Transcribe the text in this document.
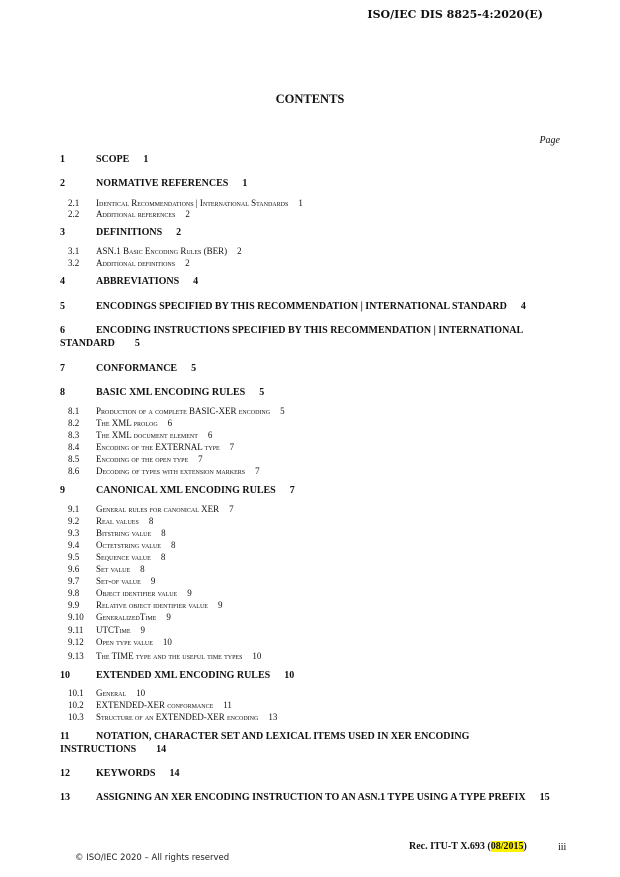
ISO/IEC DIS 8825-4:2020(E)
CONTENTS
Page
1	SCOPE 1
2	NORMATIVE REFERENCES 1
2.1 Identical Recommendations | International Standards 1
2.2 Additional references 2
3	DEFINITIONS 2
3.1 ASN.1 Basic Encoding Rules (BER) 2
3.2 Additional definitions 2
4	ABBREVIATIONS 4
5	ENCODINGS SPECIFIED BY THIS RECOMMENDATION | INTERNATIONAL STANDARD 4
6	ENCODING INSTRUCTIONS SPECIFIED BY THIS RECOMMENDATION | INTERNATIONAL
STANDARD 5
7	CONFORMANCE 5
8	BASIC XML ENCODING RULES 5
8.1 Production of a complete BASIC-XER encoding 5
8.2 The XML prolog 6
8.3 The XML document element 6
8.4 Encoding of the EXTERNAL type 7
8.5 Encoding of the open type 7
8.6 Decoding of types with extension markers 7
9	CANONICAL XML ENCODING RULES 7
9.1 General rules for canonical XER 7
9.2 Real values 8
9.3 Bitstring value 8
9.4 Octetstring value 8
9.5 Sequence value 8
9.6 Set value 8
9.7 Set-of value 9
9.8 Object identifier value 9
9.9 Relative object identifier value 9
9.10 GeneralizedTime 9
9.11 UTCTime 9
9.12 Open type value 10
9.13 The TIME type and the useful time types 10
10	EXTENDED XML ENCODING RULES 10
10.1 General 10
10.2 EXTENDED-XER conformance 11
10.3 Structure of an EXTENDED-XER encoding 13
11	NOTATION, CHARACTER SET AND LEXICAL ITEMS USED IN XER ENCODING
INSTRUCTIONS 14
12	KEYWORDS 14
13	ASSIGNING AN XER ENCODING INSTRUCTION TO AN ASN.1 TYPE USING A TYPE PREFIX 15
Rec. ITU-T X.693 (08/2015)	iii
© ISO/IEC 2020 – All rights reserved
